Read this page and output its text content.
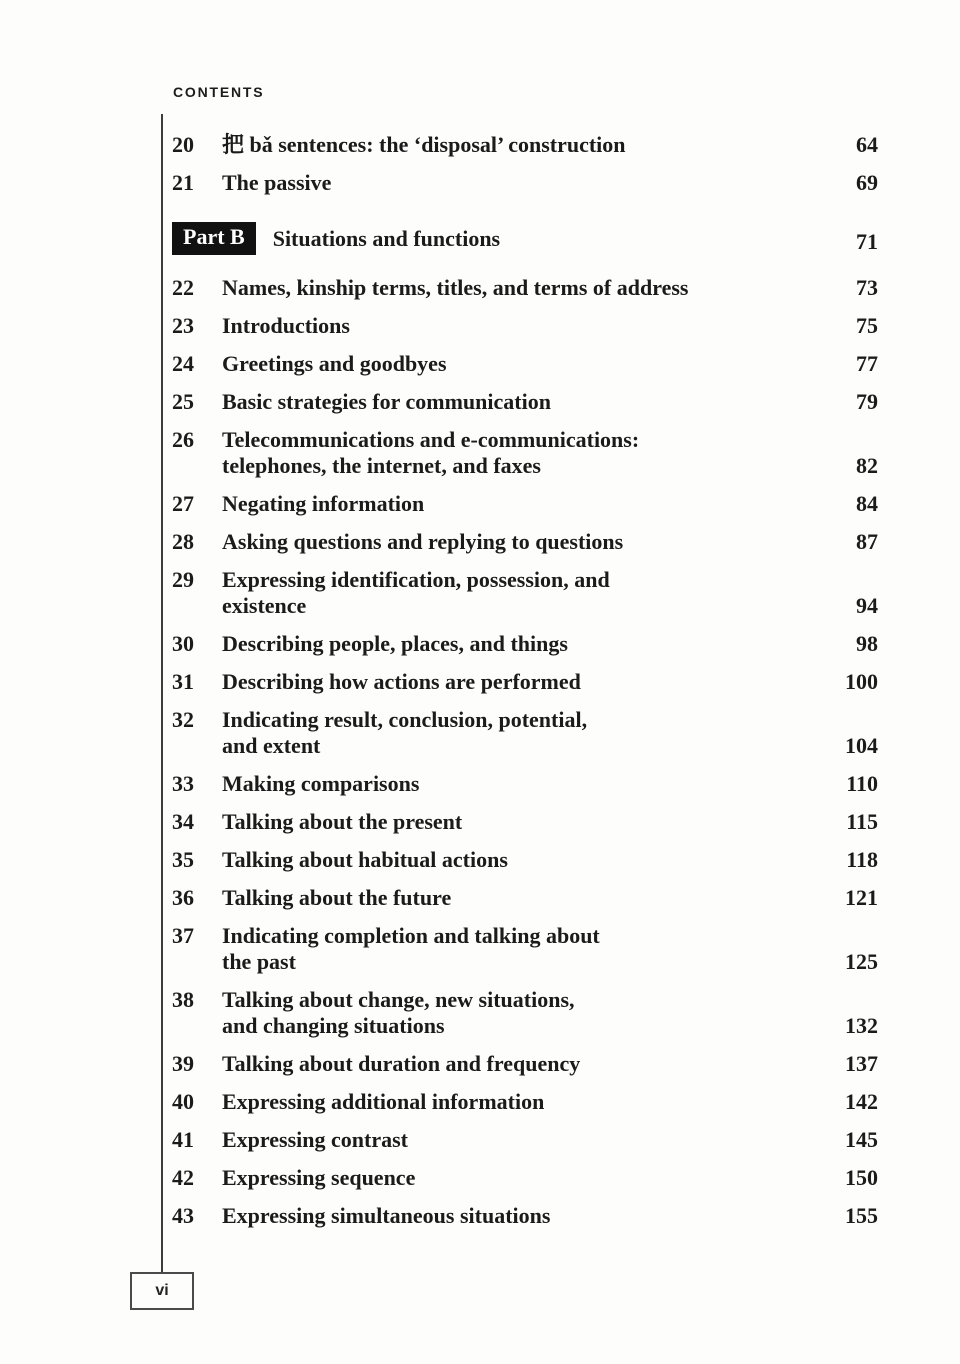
CONTENTS
20	把 bǎ sentences: the ‘disposal’ construction	64
21	The passive	69
Part B	Situations and functions	71
22	Names, kinship terms, titles, and terms of address	73
23	Introductions	75
24	Greetings and goodbyes	77
25	Basic strategies for communication	79
26	Telecommunications and e-communications:
telephones, the internet, and faxes	82
27	Negating information	84
28	Asking questions and replying to questions	87
29	Expressing identification, possession, and
existence	94
30	Describing people, places, and things	98
31	Describing how actions are performed	100
32	Indicating result, conclusion, potential,
and extent	104
33	Making comparisons	110
34	Talking about the present	115
35	Talking about habitual actions	118
36	Talking about the future	121
37	Indicating completion and talking about
the past	125
38	Talking about change, new situations,
and changing situations	132
39	Talking about duration and frequency	137
40	Expressing additional information	142
41	Expressing contrast	145
42	Expressing sequence	150
43	Expressing simultaneous situations	155
vi
